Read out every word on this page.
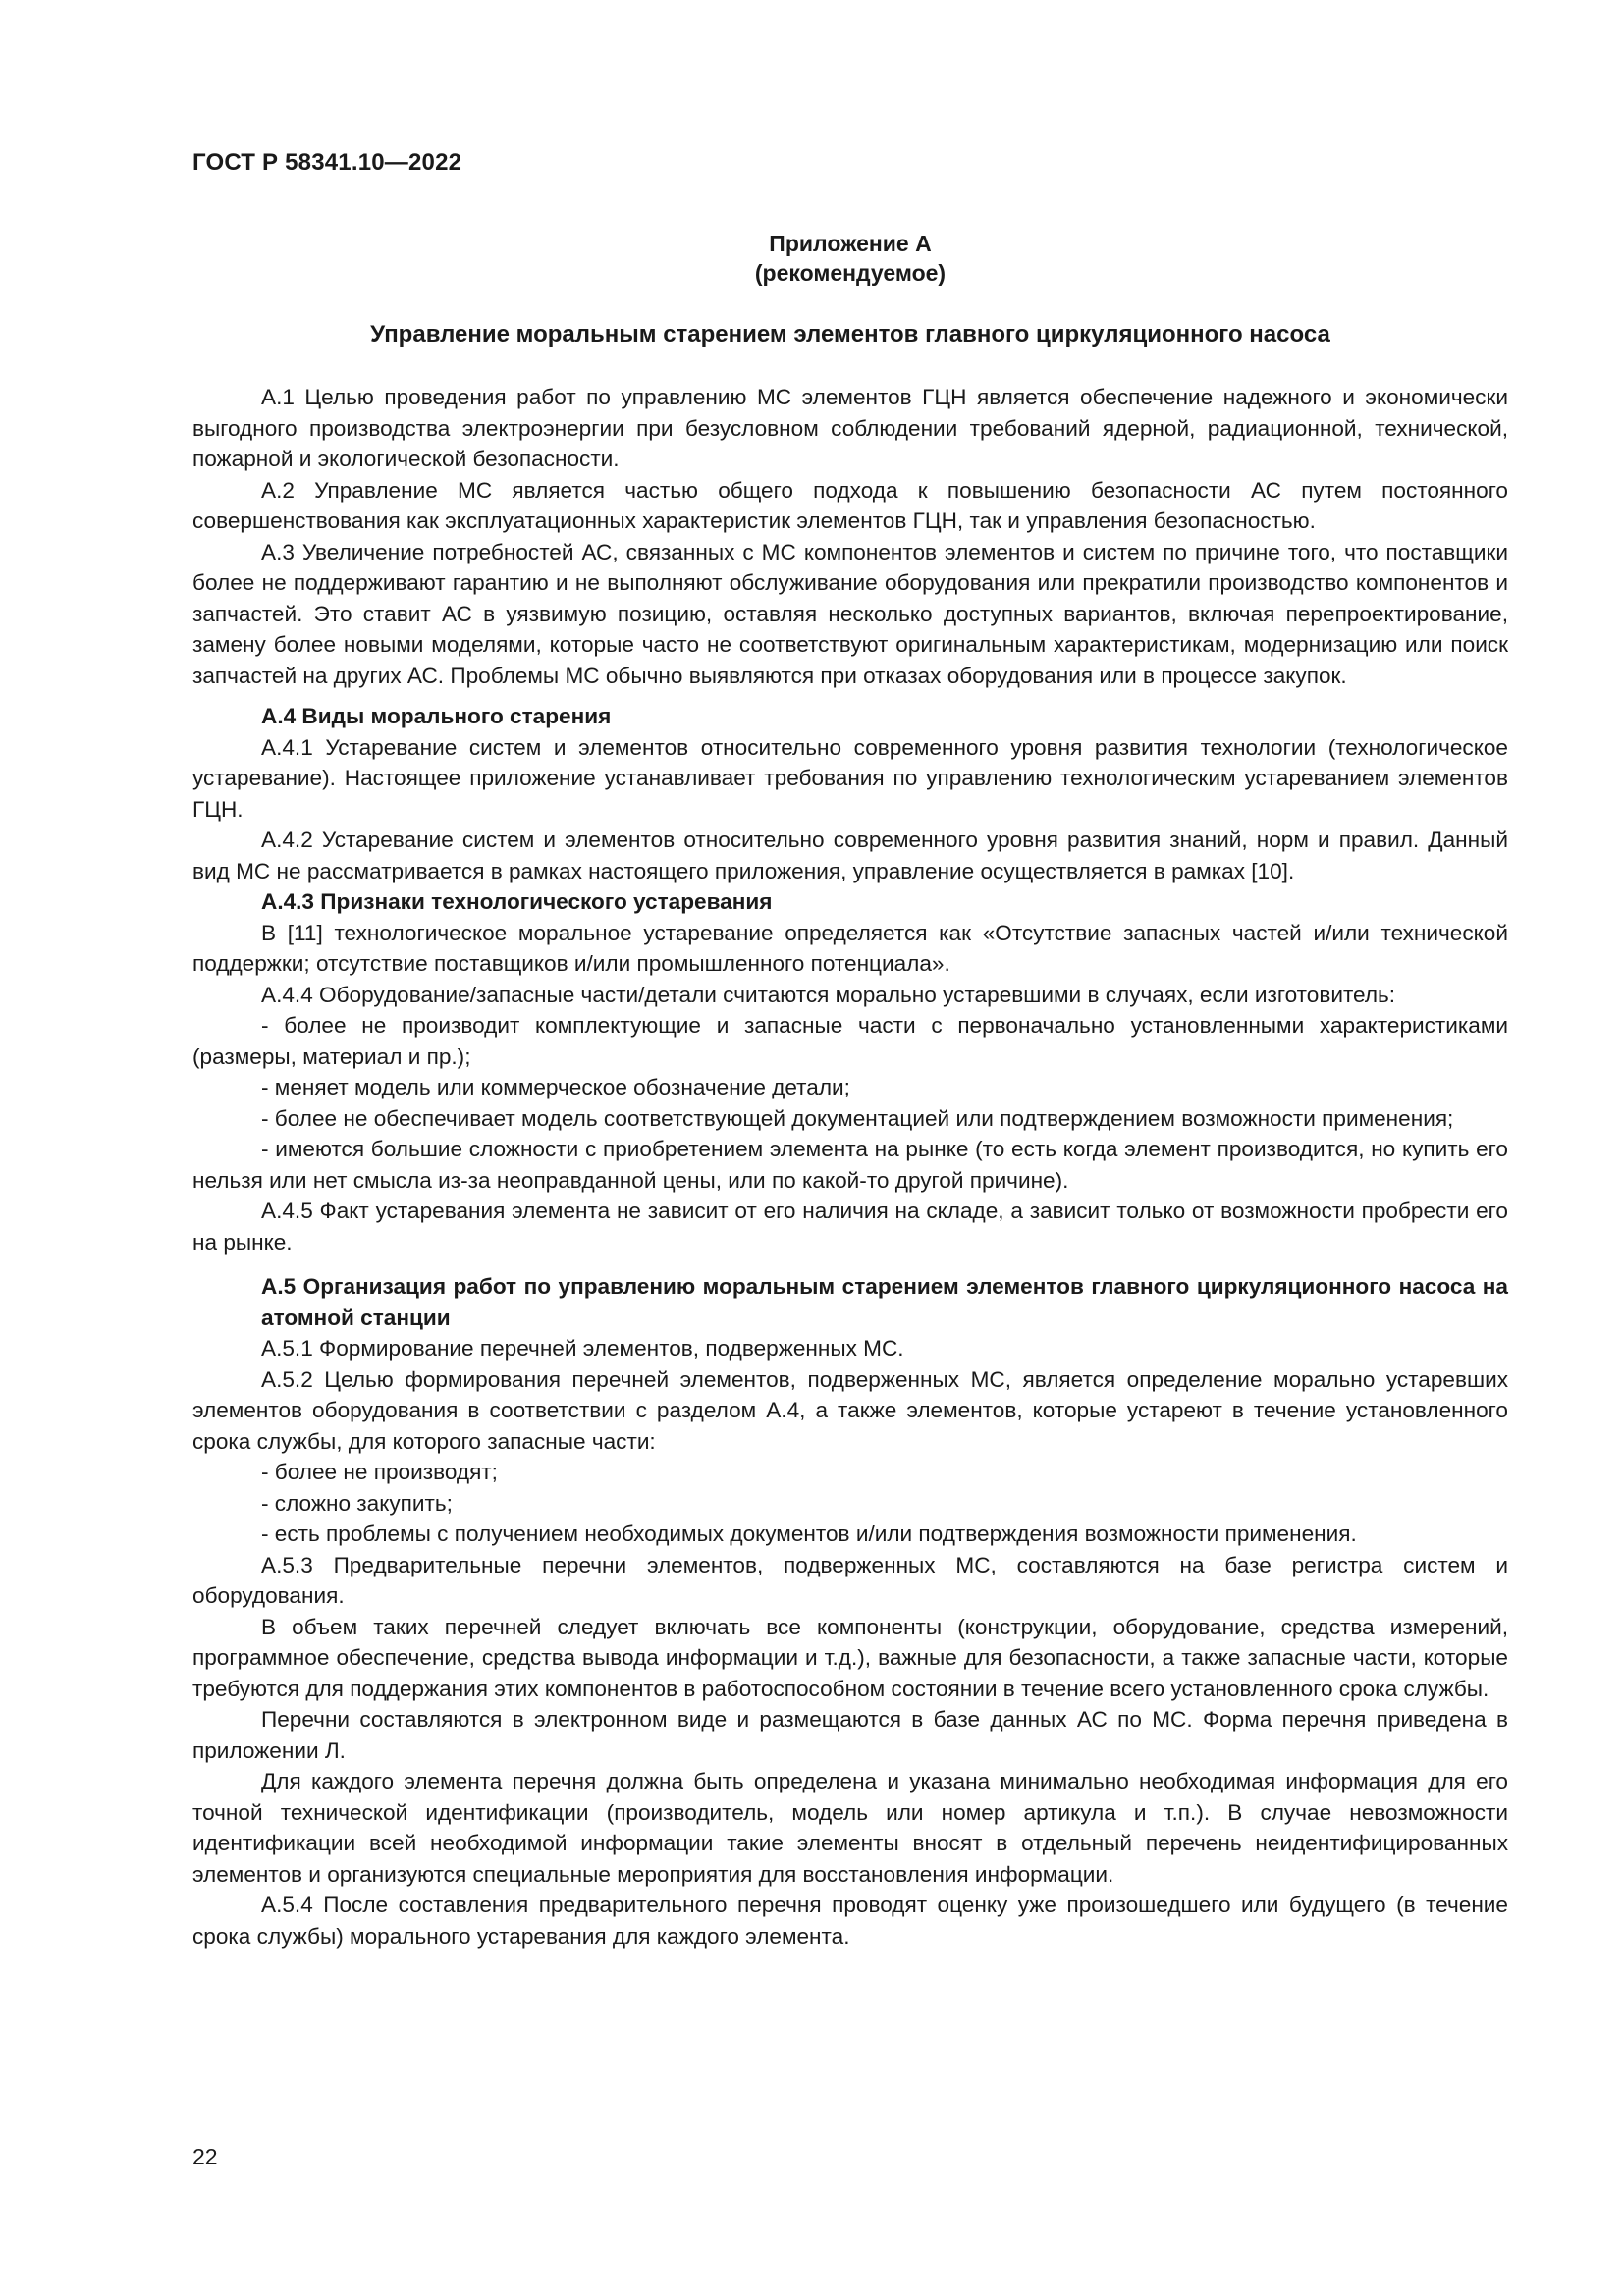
ГОСТ Р 58341.10—2022
Приложение А
(рекомендуемое)
Управление моральным старением элементов главного циркуляционного насоса

А.1 Целью проведения работ по управлению МС элементов ГЦН является обеспечение надежного и экономически выгодного производства электроэнергии при безусловном соблюдении требований ядерной, радиационной, технической, пожарной и экологической безопасности.

А.2 Управление МС является частью общего подхода к повышению безопасности АС путем постоянного совершенствования как эксплуатационных характеристик элементов ГЦН, так и управления безопасностью.

А.3 Увеличение потребностей АС, связанных с МС компонентов элементов и систем по причине того, что поставщики более не поддерживают гарантию и не выполняют обслуживание оборудования или прекратили производство компонентов и запчастей. Это ставит АС в уязвимую позицию, оставляя несколько доступных вариантов, включая перепроектирование, замену более новыми моделями, которые часто не соответствуют оригинальным характеристикам, модернизацию или поиск запчастей на других АС. Проблемы МС обычно выявляются при отказах оборудования или в процессе закупок.

А.4 Виды морального старения

А.4.1 Устаревание систем и элементов относительно современного уровня развития технологии (технологическое устаревание). Настоящее приложение устанавливает требования по управлению технологическим устареванием элементов ГЦН.

А.4.2 Устаревание систем и элементов относительно современного уровня развития знаний, норм и правил. Данный вид МС не рассматривается в рамках настоящего приложения, управление осуществляется в рамках [10].

А.4.3 Признаки технологического устаревания

В [11] технологическое моральное устаревание определяется как «Отсутствие запасных частей и/или технической поддержки; отсутствие поставщиков и/или промышленного потенциала».

А.4.4 Оборудование/запасные части/детали считаются морально устаревшими в случаях, если изготовитель:

- более не производит комплектующие и запасные части с первоначально установленными характеристиками (размеры, материал и пр.);

- меняет модель или коммерческое обозначение детали;

- более не обеспечивает модель соответствующей документацией или подтверждением возможности применения;

- имеются большие сложности с приобретением элемента на рынке (то есть когда элемент производится, но купить его нельзя или нет смысла из-за неоправданной цены, или по какой-то другой причине).

А.4.5 Факт устаревания элемента не зависит от его наличия на складе, а зависит только от возможности пробрести его на рынке.

А.5 Организация работ по управлению моральным старением элементов главного циркуляционного насоса на атомной станции

А.5.1 Формирование перечней элементов, подверженных МС.

А.5.2 Целью формирования перечней элементов, подверженных МС, является определение морально устаревших элементов оборудования в соответствии с разделом А.4, а также элементов, которые устареют в течение установленного срока службы, для которого запасные части:

- более не производят;

- сложно закупить;

- есть проблемы с получением необходимых документов и/или подтверждения возможности применения.

А.5.3 Предварительные перечни элементов, подверженных МС, составляются на базе регистра систем и оборудования.

В объем таких перечней следует включать все компоненты (конструкции, оборудование, средства измерений, программное обеспечение, средства вывода информации и т.д.), важные для безопасности, а также запасные части, которые требуются для поддержания этих компонентов в работоспособном состоянии в течение всего установленного срока службы.

Перечни составляются в электронном виде и размещаются в базе данных АС по МС. Форма перечня приведена в приложении Л.

Для каждого элемента перечня должна быть определена и указана минимально необходимая информация для его точной технической идентификации (производитель, модель или номер артикула и т.п.). В случае невозможности идентификации всей необходимой информации такие элементы вносят в отдельный перечень неидентифицированных элементов и организуются специальные мероприятия для восстановления информации.

А.5.4 После составления предварительного перечня проводят оценку уже произошедшего или будущего (в течение срока службы) морального устаревания для каждого элемента.

22
